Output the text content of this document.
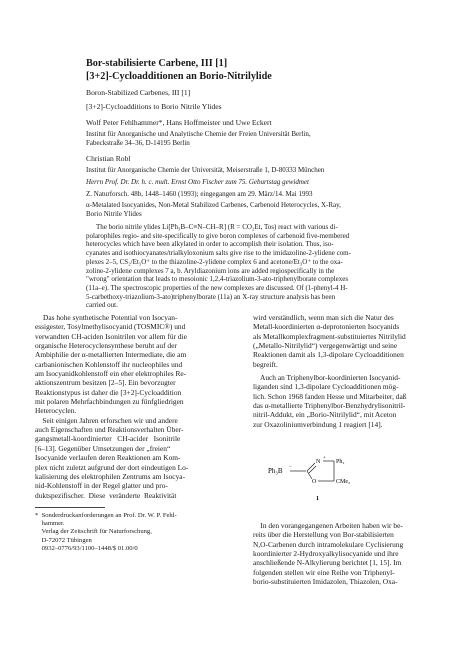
Bor-stabilisierte Carbene, III [1]
[3+2]-Cycloadditionen an Borio-Nitrilylide
Boron-Stabilized Carbenes, III [1]
[3+2]-Cycloadditions to Borio Nitrile Ylides
Wolf Peter Fehlhammer*, Hans Hoffmeister und Uwe Eckert
Institut für Anorganische und Analytische Chemie der Freien Universität Berlin,
Fabeckstraße 34–36, D-14195 Berlin
Christian Robl
Institut für Anorganische Chemie der Universität, Meiserstraße 1, D-80333 München
Herrn Prof. Dr. Dr. h. c. mult. Ernst Otto Fischer zum 75. Geburtstag gewidmet
Z. Naturforsch. 48b, 1448–1460 (1993); eingegangen am 29. März/14. Mai 1993
α-Metalated Isocyanides, Non-Metal Stabilized Carbenes, Carbenoid Heterocycles, X-Ray,
Borio Nitrile Ylides
The borio nitrile ylides Li[Ph₃B–C≡N–CH–R] (R = CO₂Et, Tos) react with various di-
polarophiles regio- and site-specifically to give boron complexes of carbenoid five-membered
heterocycles which have been alkylated in order to accomplish their isolation. Thus, iso-
cyanates and isothiocyanates/trialkyloxonium salts give rise to the imidazoline-2-ylidene com-
plexes 2–5, CS₂/Et₃O⁺ to the thiazoline-2-ylidene complex 6 and acetone/Et₃O⁺ to the oxa-
zoline-2-ylidene complexes 7 a, b. Aryldiazonium ions are added regiospecifically in the
"wrong" orientation that leads to mesoionic 1,2,4-triazolium-3-ato-triphenylborate complexes
(11a–e). The spectroscopic properties of the new complexes are discussed. Of (1-phenyl-4 H-
5-carbethoxy-triazolium-3-ato)triphenylborate (11a) an X-ray structure analysis has been
carried out.
Das hohe synthetische Potential von Isocyan-
essigester, Tosylmethylisocyanid (TOSMIC®) und
verwandten CH-aciden Isonitrilen vor allem für die
organische Heterocyclensynthese beruht auf der
Ambiphilie der α-metallierten Intermediate, die am
carbanionischen Kohlenstoff ihr nucleophiles und
am Isocyanidkohlenstoff ein eher elektrophiles Re-
aktionszentrum besitzen [2–5]. Ein bevorzugter
Reaktionstypus ist daher die [3+2]-Cycloaddition
mit polaren Mehrfachbindungen zu fünfgliedrigen
Heterocyclen.
Seit einigen Jahren erforschen wir und andere
auch Eigenschaften und Reaktionsverhalten Über-
gangsmetall-koordinierter   CH-acider   Isonitrile
[6–13]. Gegenüber Umsetzungen der „freien“
Isocyanide verlaufen deren Reaktionen am Kom-
plex nicht zuletzt aufgrund der dort eindeutigen Lo-
kalisierung des elektrophilen Zentrums am Isocya-
nid-Kohlenstoff in der Regel glatter und pro-
duktspezifischer.  Diese  veränderte  Reaktivität
*  Sonderdruckanforderungen an Prof. Dr. W. P. Fehl-
hammer.
Verlag der Zeitschrift für Naturforschung,
D-72072 Tübingen
0932–0776/93/1100–1448/$ 01.00/0
wird verständlich, wenn man sich die Natur des
Metall-koordinierten α-deprotonierten Isocyanids
als Metallkomplexfragment-substituiertes Nitrilylid
(„Metallo-Nitrilylid“) vergegenwärtigt und seine
Reaktionen damit als 1,3-dipolare Cycloadditionen
begreift.
Auch an Triphenylbor-koordinierten Isocyanid-
liganden sind 1,3-dipolare Cycloadditionen mög-
lich. Schon 1968 fanden Hesse und Mitarbeiter, daß
das α-metallierte Triphenylbor-Benzhydrylisonitril-
nitril-Addukt, ein „Borio-Nitrilylid“, mit Aceton
zur Oxazoliniumverbindung 1 reagiert [14].
Ph₃B −
N
+
O
Ph₂
CMe₂
1
In den vorangegangenen Arbeiten haben wir be-
reits über die Herstellung von Bor-stabilisierten
N,O-Carbenen durch intramolekulare Cyclisierung
koordinierter 2-Hydroxyalkylisocyanide und ihre
anschließende N-Alkylierung berichtet [1, 15]. Im
folgenden stellen wir eine Reihe von Triphenyl-
borio-substituierten Imidazolen, Thiazolen, Oxa-
